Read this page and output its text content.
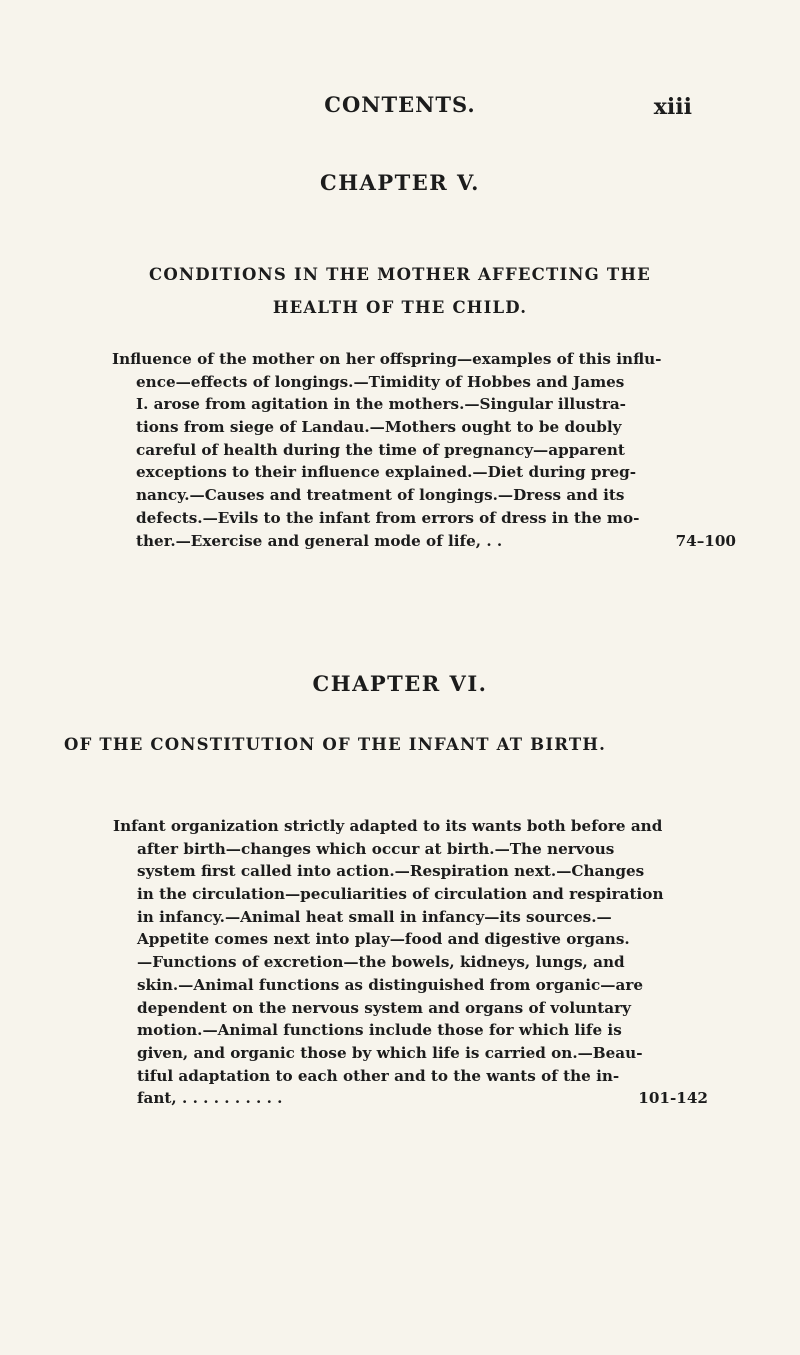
CONTENTS.	xiii
CHAPTER V.
CONDITIONS IN THE MOTHER AFFECTING THE
HEALTH OF THE CHILD.
Influence of the mother on her offspring—examples of this influ-
ence—effects of longings.—Timidity of Hobbes and James
I. arose from agitation in the mothers.—Singular illustra-
tions from siege of Landau.—Mothers ought to be doubly
careful of health during the time of pregnancy—apparent
exceptions to their influence explained.—Diet during preg-
nancy.—Causes and treatment of longings.—Dress and its
defects.—Evils to the infant from errors of dress in the mo-
ther.—Exercise and general mode of life, . .	74–100
CHAPTER VI.
OF THE CONSTITUTION OF THE INFANT AT BIRTH.
Infant organization strictly adapted to its wants both before and
after birth—changes which occur at birth.—The nervous
system first called into action.—Respiration next.—Changes
in the circulation—peculiarities of circulation and respiration
in infancy.—Animal heat small in infancy—its sources.—
Appetite comes next into play—food and digestive organs.
—Functions of excretion—the bowels, kidneys, lungs, and
skin.—Animal functions as distinguished from organic—are
dependent on the nervous system and organs of voluntary
motion.—Animal functions include those for which life is
given, and organic those by which life is carried on.—Beau-
tiful adaptation to each other and to the wants of the in-
fant, . . . . . . . . . .	101-142
